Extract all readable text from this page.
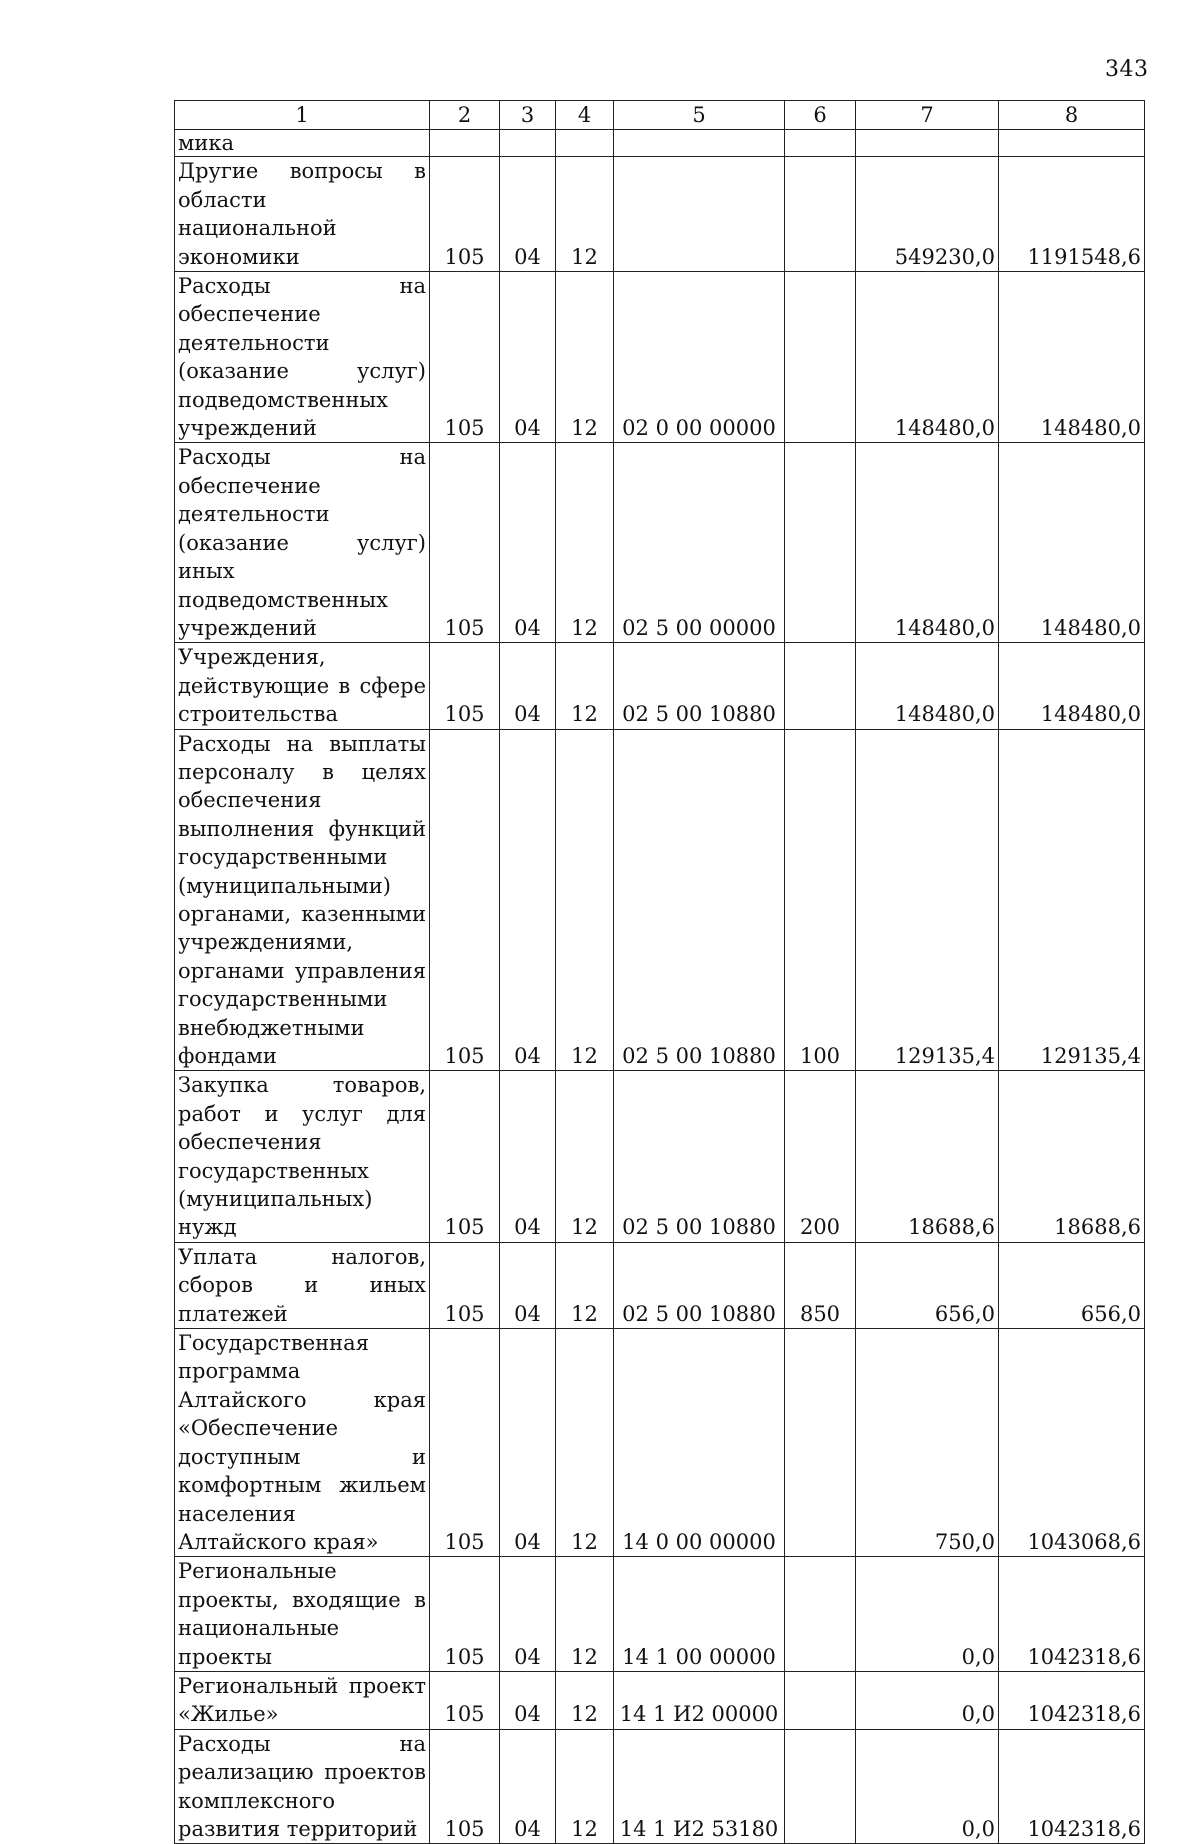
343
1	2	3	4	5	6	7	8
мика							
Другие вопросы в области национальной экономики	105	04	12			549230,0	1191548,6
Расходы на обеспечение деятельности (оказание услуг) подведомственных учреждений	105	04	12	02 0 00 00000		148480,0	148480,0
Расходы на обеспечение деятельности (оказание услуг) иных подведомственных учреждений	105	04	12	02 5 00 00000		148480,0	148480,0
Учреждения, действующие в сфере строительства	105	04	12	02 5 00 10880		148480,0	148480,0
Расходы на выплаты персоналу в целях обеспечения выполнения функций государственными (муниципальными) органами, казенными учреждениями, органами управления государственными внебюджетными фондами	105	04	12	02 5 00 10880	100	129135,4	129135,4
Закупка товаров, работ и услуг для обеспечения государственных (муниципальных) нужд	105	04	12	02 5 00 10880	200	18688,6	18688,6
Уплата налогов, сборов и иных платежей	105	04	12	02 5 00 10880	850	656,0	656,0
Государственная программа Алтайского края «Обеспечение доступным и комфортным жильем населения Алтайского края»	105	04	12	14 0 00 00000		750,0	1043068,6
Региональные проекты, входящие в национальные проекты	105	04	12	14 1 00 00000		0,0	1042318,6
Региональный проект «Жилье»	105	04	12	14 1 И2 00000		0,0	1042318,6
Расходы на реализацию проектов комплексного развития территорий	105	04	12	14 1 И2 53180		0,0	1042318,6
